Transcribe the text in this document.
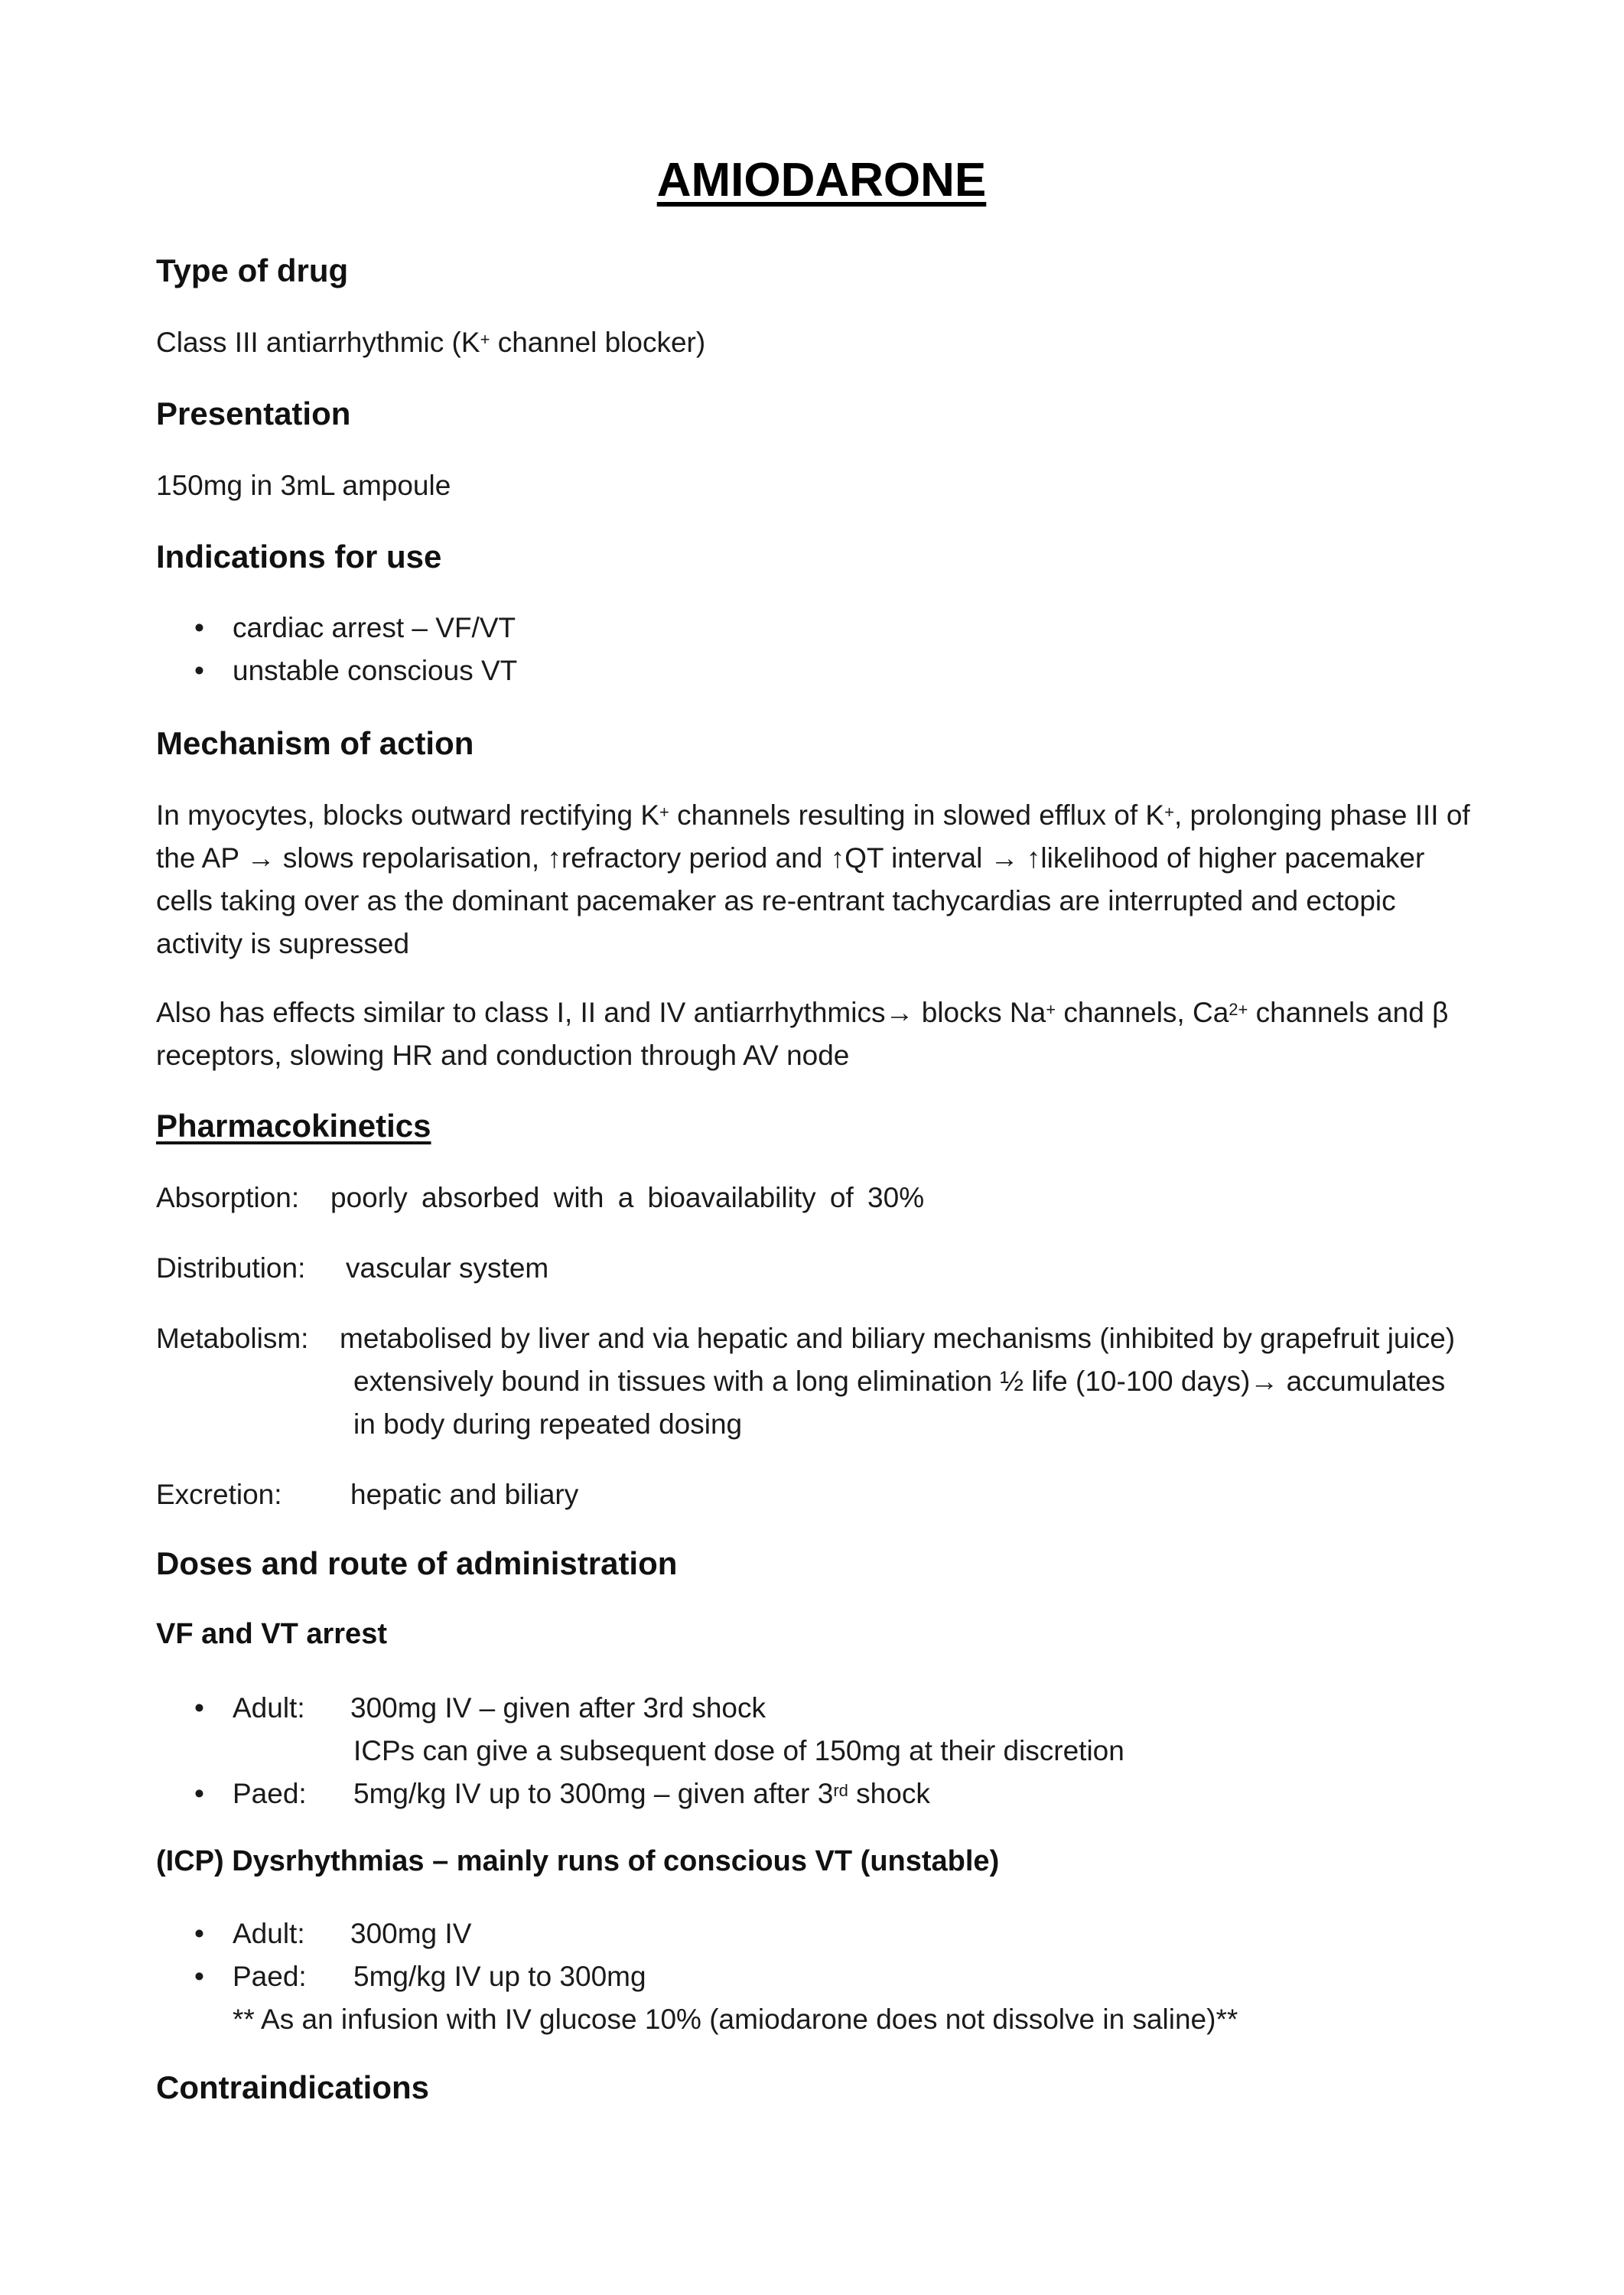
AMIODARONE
Type of drug

Class III antiarrhythmic (K+ channel blocker)

Presentation

150mg in 3mL ampoule

Indications for use
• cardiac arrest – VF/VT
• unstable conscious VT
Mechanism of action

In myocytes, blocks outward rectifying K+ channels resulting in slowed efflux of K+, prolonging phase III of the AP → slows repolarisation, ↑refractory period and ↑QT interval → ↑likelihood of higher pacemaker cells taking over as the dominant pacemaker as re-entrant tachycardias are interrupted and ectopic activity is supressed

Also has effects similar to class I, II and IV antiarrhythmics→ blocks Na+ channels, $Ca^{2+}$ channels and β receptors, slowing HR and conduction through AV node

Pharmacokinetics
Absorption: poorly absorbed with a bioavailability of 30%
Distribution: vascular system
Metabolism: metabolised by liver and via hepatic and biliary mechanisms (inhibited by grapefruit juice)
extensively bound in tissues with a long elimination ½ life (10-100 days)→ accumulates
in body during repeated dosing
Excretion: hepatic and biliary
Doses and route of administration
VF and VT arrest
• Adult: 300mg IV – given after 3rd shock
ICPs can give a subsequent dose of 150mg at their discretion
• Paed: 5mg/kg IV up to 300mg – given after 3rd shock
(ICP) Dysrhythmias – mainly runs of conscious VT (unstable)
• Adult: 300mg IV
• Paed: 5mg/kg IV up to 300mg
** As an infusion with IV glucose 10% (amiodarone does not dissolve in saline)**
Contraindications
